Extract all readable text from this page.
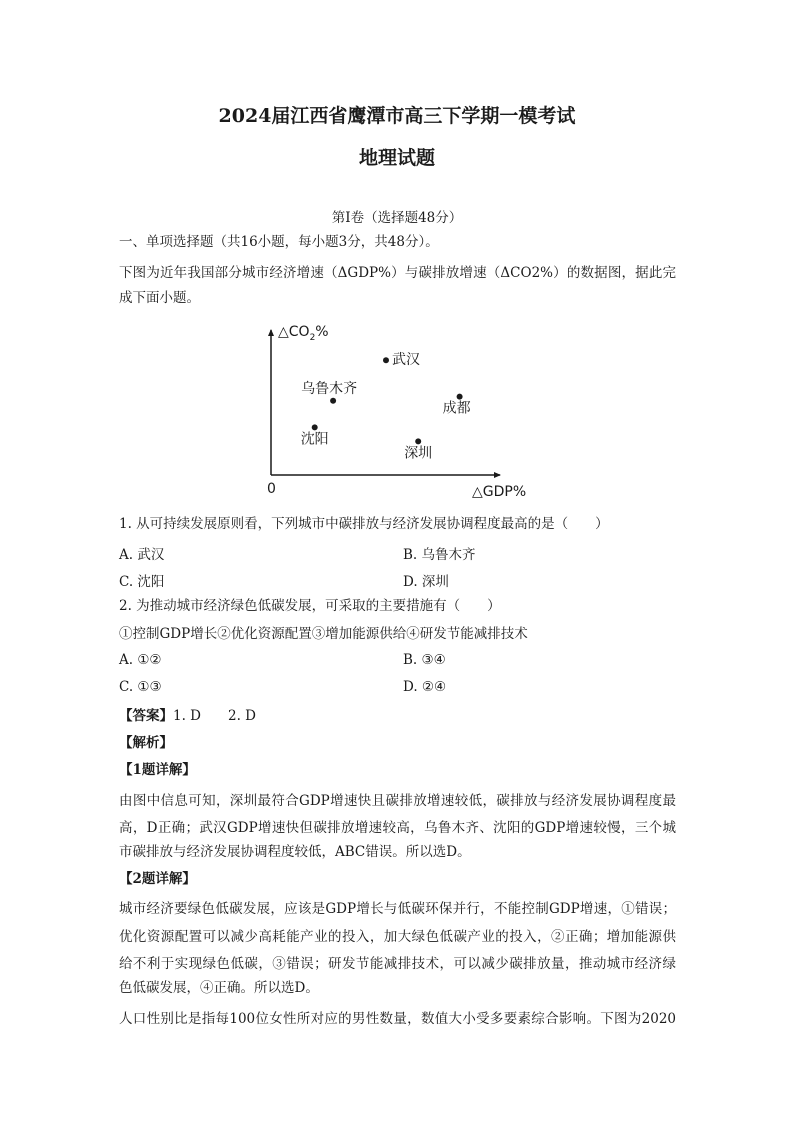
2024届江西省鹰潭市高三下学期一模考试
地理试题
第Ⅰ卷（选择题48分）
一、单项选择题（共16小题，每小题3分，共48分）。
下图为近年我国部分城市经济增速（ΔGDP%）与碳排放增速（ΔCO2%）的数据图，据此完
成下面小题。
$\triangle CO_2\%$
△GDP%
0
武汉
乌鲁木齐
成都
沈阳
深圳
1. 从可持续发展原则看，下列城市中碳排放与经济发展协调程度最高的是（　　）
A. 武汉	B. 乌鲁木齐
C. 沈阳	D. 深圳
2. 为推动城市经济绿色低碳发展，可采取的主要措施有（　　）
①控制GDP增长②优化资源配置③增加能源供给④研发节能减排技术
A. ①②	B. ③④
C. ①③	D. ②④
【答案】1. D　　2. D
【解析】
【1题详解】
由图中信息可知，深圳最符合GDP增速快且碳排放增速较低，碳排放与经济发展协调程度最
高，D正确；武汉GDP增速快但碳排放增速较高，乌鲁木齐、沈阳的GDP增速较慢，三个城
市碳排放与经济发展协调程度较低，ABC错误。所以选D。
【2题详解】
城市经济要绿色低碳发展，应该是GDP增长与低碳环保并行，不能控制GDP增速，①错误；
优化资源配置可以减少高耗能产业的投入，加大绿色低碳产业的投入，②正确；增加能源供
给不利于实现绿色低碳，③错误；研发节能减排技术，可以减少碳排放量，推动城市经济绿
色低碳发展，④正确。所以选D。
人口性别比是指每100位女性所对应的男性数量，数值大小受多要素综合影响。下图为2020
